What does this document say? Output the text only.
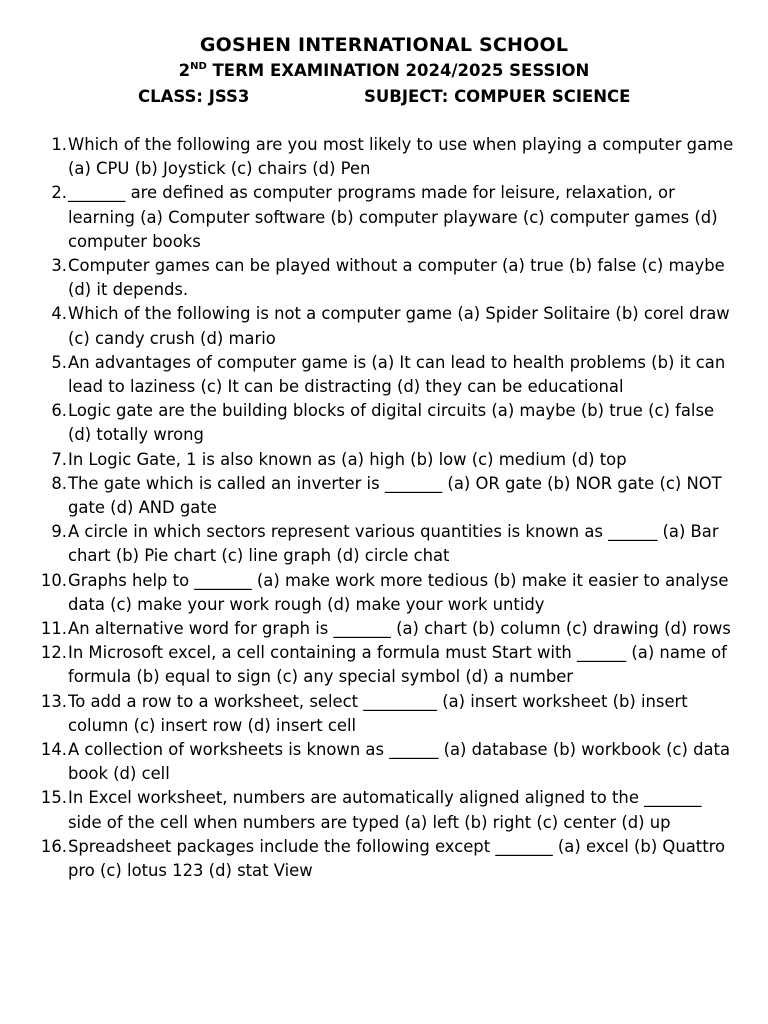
GOSHEN INTERNATIONAL SCHOOL
2ND TERM EXAMINATION 2024/2025 SESSION
CLASS: JSS3	SUBJECT: COMPUER SCIENCE
1. Which of the following are you most likely to use when playing a computer game (a) CPU (b) Joystick (c) chairs (d) Pen
2. _______ are defined as computer programs made for leisure, relaxation, or learning (a) Computer software (b) computer playware (c) computer games (d) computer books
3. Computer games can be played without a computer (a) true (b) false (c) maybe (d) it depends.
4. Which of the following is not a computer game (a) Spider Solitaire (b) corel draw (c) candy crush (d) mario
5. An advantages of computer game is (a) It can lead to health problems (b) it can lead to laziness (c) It can be distracting (d) they can be educational
6. Logic gate are the building blocks of digital circuits (a) maybe (b) true (c) false (d) totally wrong
7. In Logic Gate, 1 is also known as (a) high (b) low (c) medium (d) top
8. The gate which is called an inverter is _______ (a) OR gate (b) NOR gate (c) NOT gate (d) AND gate
9. A circle in which sectors represent various quantities is known as ______ (a) Bar chart (b) Pie chart (c) line graph (d) circle chat
10. Graphs help to _______ (a) make work more tedious (b) make it easier to analyse data (c) make your work rough (d) make your work untidy
11. An alternative word for graph is _______ (a) chart (b) column (c) drawing (d) rows
12. In Microsoft excel, a cell containing a formula must Start with ______ (a) name of formula (b) equal to sign (c) any special symbol (d) a number
13. To add a row to a worksheet, select _________ (a) insert worksheet (b) insert column (c) insert row (d) insert cell
14. A collection of worksheets is known as ______ (a) database (b) workbook (c) data book (d) cell
15. In Excel worksheet, numbers are automatically aligned aligned to the _______ side of the cell when numbers are typed (a) left (b) right (c) center (d) up
16. Spreadsheet packages include the following except _______ (a) excel (b) Quattro pro (c) lotus 123 (d) stat View
